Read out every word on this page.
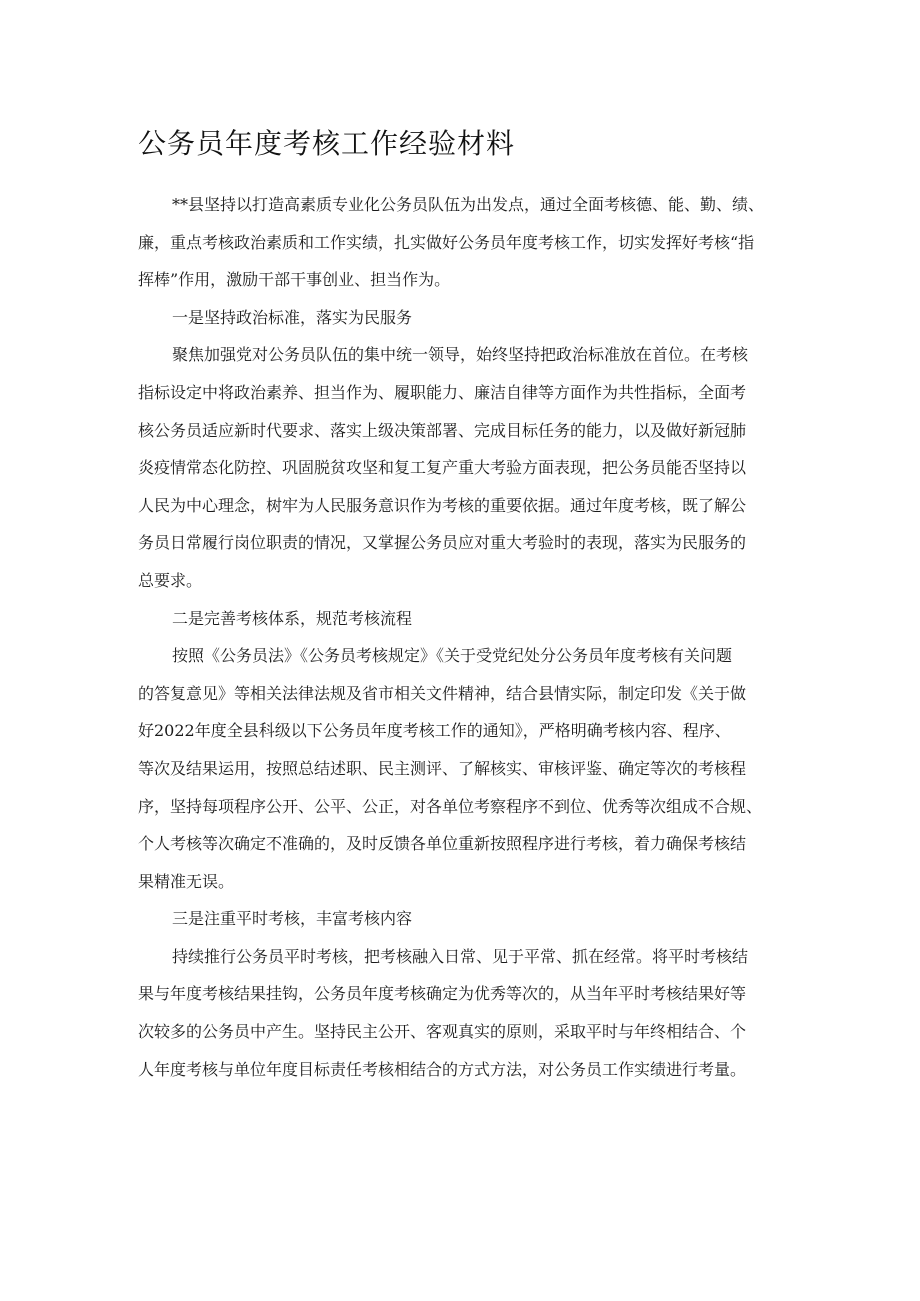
公务员年度考核工作经验材料

**县坚持以打造高素质专业化公务员队伍为出发点，通过全面考核德、能、勤、绩、
廉，重点考核政治素质和工作实绩，扎实做好公务员年度考核工作，切实发挥好考核“指
挥棒”作用，激励干部干事创业、担当作为。

一是坚持政治标准，落实为民服务

聚焦加强党对公务员队伍的集中统一领导，始终坚持把政治标准放在首位。在考核
指标设定中将政治素养、担当作为、履职能力、廉洁自律等方面作为共性指标，全面考
核公务员适应新时代要求、落实上级决策部署、完成目标任务的能力，以及做好新冠肺
炎疫情常态化防控、巩固脱贫攻坚和复工复产重大考验方面表现，把公务员能否坚持以
人民为中心理念，树牢为人民服务意识作为考核的重要依据。通过年度考核，既了解公
务员日常履行岗位职责的情况，又掌握公务员应对重大考验时的表现，落实为民服务的
总要求。

二是完善考核体系，规范考核流程

按照《公务员法》《公务员考核规定》《关于受党纪处分公务员年度考核有关问题
的答复意见》等相关法律法规及省市相关文件精神，结合县情实际，制定印发《关于做
好2022年度全县科级以下公务员年度考核工作的通知》，严格明确考核内容、程序、
等次及结果运用，按照总结述职、民主测评、了解核实、审核评鉴、确定等次的考核程
序，坚持每项程序公开、公平、公正，对各单位考察程序不到位、优秀等次组成不合规、
个人考核等次确定不准确的，及时反馈各单位重新按照程序进行考核，着力确保考核结
果精准无误。

三是注重平时考核，丰富考核内容

持续推行公务员平时考核，把考核融入日常、见于平常、抓在经常。将平时考核结
果与年度考核结果挂钩，公务员年度考核确定为优秀等次的，从当年平时考核结果好等
次较多的公务员中产生。坚持民主公开、客观真实的原则，采取平时与年终相结合、个
人年度考核与单位年度目标责任考核相结合的方式方法，对公务员工作实绩进行考量。
